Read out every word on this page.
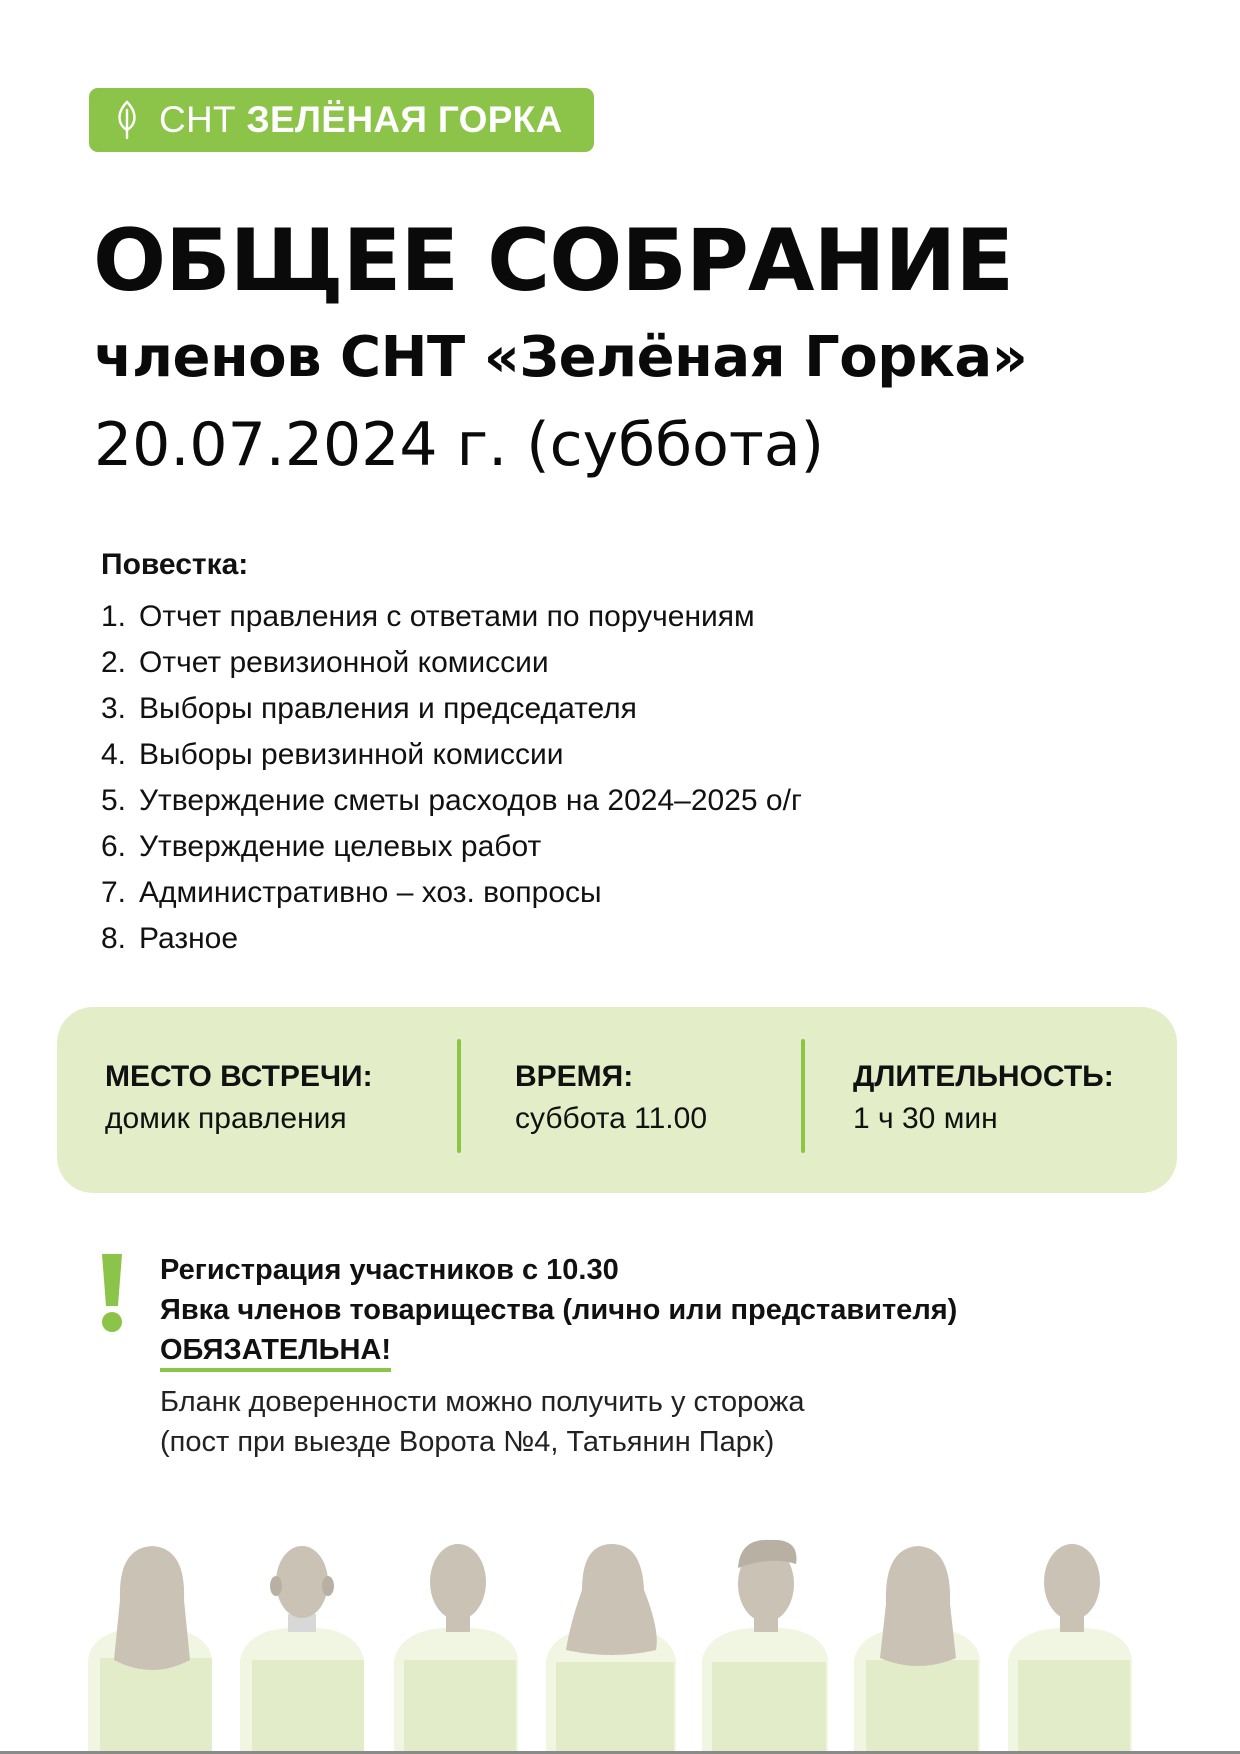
СНТ ЗЕЛЁНАЯ ГОРКА
ОБЩЕЕ СОБРАНИЕ
членов СНТ «Зелёная Горка»
20.07.2024 г. (суббота)
Повестка:
1. Отчет правления с ответами по поручениям
2. Отчет ревизионной комиссии
3. Выборы правления и председателя
4. Выборы ревизинной комиссии
5. Утверждение сметы расходов на 2024–2025 о/г
6. Утверждение целевых работ
7. Административно – хоз. вопросы
8. Разное
МЕСТО ВСТРЕЧИ:
домик правления
ВРЕМЯ:
суббота 11.00
ДЛИТЕЛЬНОСТЬ:
1 ч 30 мин
Регистрация участников с 10.30
Явка членов товарищества (лично или представителя)
ОБЯЗАТЕЛЬНА!
Бланк доверенности можно получить у сторожа
(пост при выезде Ворота №4, Татьянин Парк)
